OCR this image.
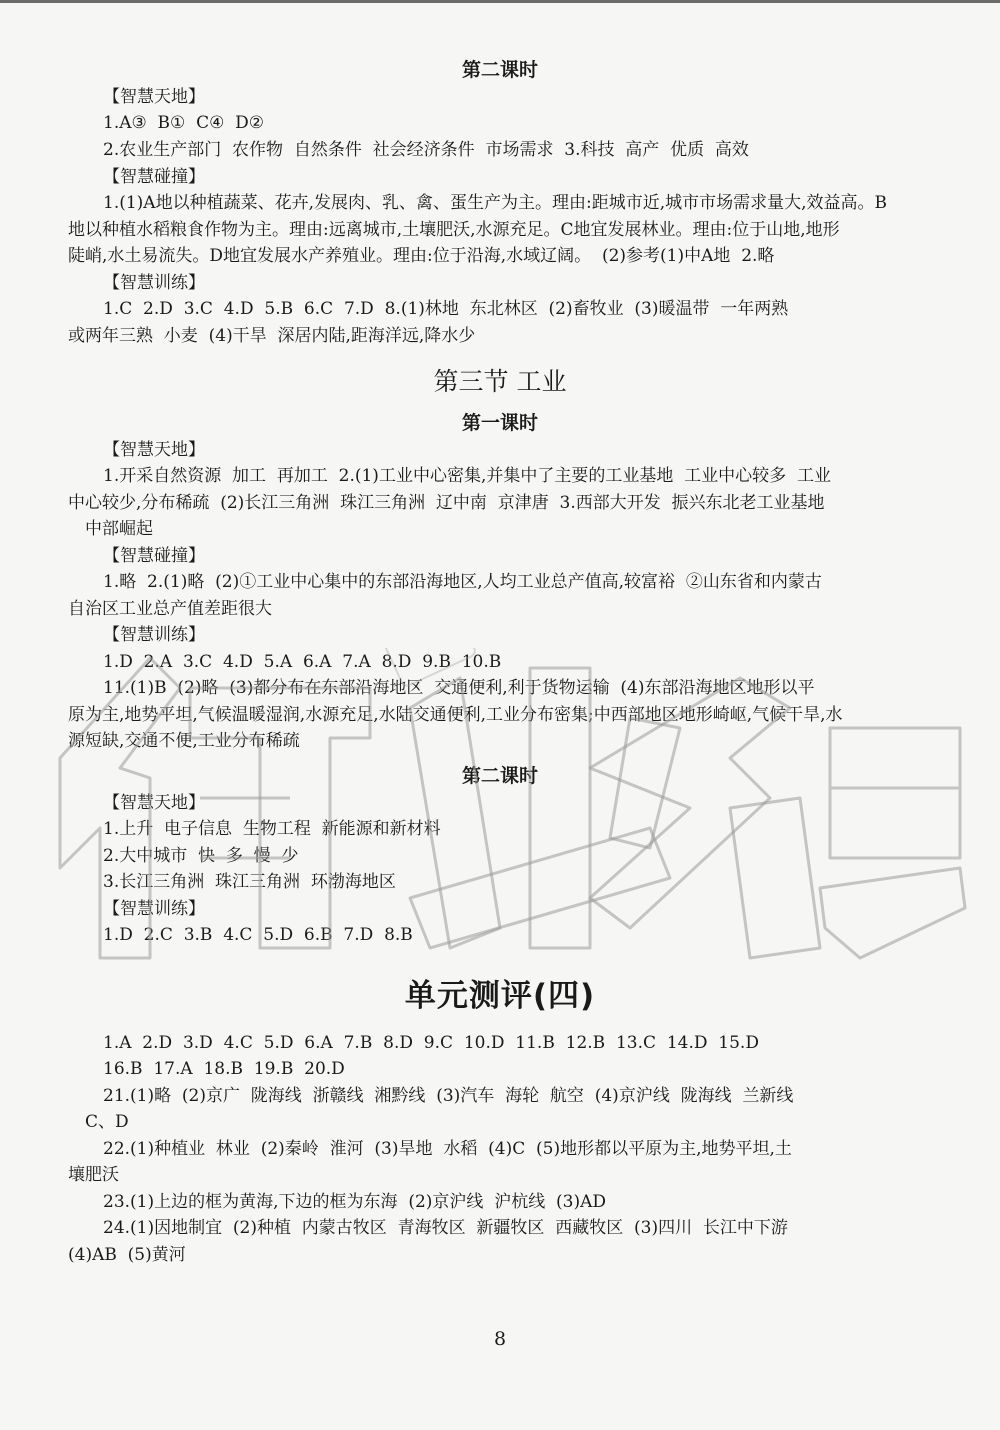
第二课时
【智慧天地】
1.A③  B①  C④  D②
2.农业生产部门  农作物  自然条件  社会经济条件  市场需求  3.科技  高产  优质  高效
【智慧碰撞】
1.(1)A地以种植蔬菜、花卉,发展肉、乳、禽、蛋生产为主。理由:距城市近,城市市场需求量大,效益高。B
地以种植水稻粮食作物为主。理由:远离城市,土壤肥沃,水源充足。C地宜发展林业。理由:位于山地,地形
陡峭,水土易流失。D地宜发展水产养殖业。理由:位于沿海,水域辽阔。  (2)参考(1)中A地  2.略
【智慧训练】
1.C  2.D  3.C  4.D  5.B  6.C  7.D  8.(1)林地  东北林区  (2)畜牧业  (3)暖温带  一年两熟
或两年三熟  小麦  (4)干旱  深居内陆,距海洋远,降水少
第三节 工业
第一课时
【智慧天地】
1.开采自然资源  加工  再加工  2.(1)工业中心密集,并集中了主要的工业基地  工业中心较多  工业
中心较少,分布稀疏  (2)长江三角洲  珠江三角洲  辽中南  京津唐  3.西部大开发  振兴东北老工业基地
中部崛起
【智慧碰撞】
1.略  2.(1)略  (2)①工业中心集中的东部沿海地区,人均工业总产值高,较富裕  ②山东省和内蒙古
自治区工业总产值差距很大
【智慧训练】
1.D  2.A  3.C  4.D  5.A  6.A  7.A  8.D  9.B  10.B
11.(1)B  (2)略  (3)都分布在东部沿海地区  交通便利,利于货物运输  (4)东部沿海地区地形以平
原为主,地势平坦,气候温暖湿润,水源充足,水陆交通便利,工业分布密集;中西部地区地形崎岖,气候干旱,水
源短缺,交通不便,工业分布稀疏
第二课时
【智慧天地】
1.上升  电子信息  生物工程  新能源和新材料
2.大中城市  快  多  慢  少
3.长江三角洲  珠江三角洲  环渤海地区
【智慧训练】
1.D  2.C  3.B  4.C  5.D  6.B  7.D  8.B
单元测评(四)
1.A  2.D  3.D  4.C  5.D  6.A  7.B  8.D  9.C  10.D  11.B  12.B  13.C  14.D  15.D
16.B  17.A  18.B  19.B  20.D
21.(1)略  (2)京广  陇海线  浙赣线  湘黔线  (3)汽车  海轮  航空  (4)京沪线  陇海线  兰新线
C、D
22.(1)种植业  林业  (2)秦岭  淮河  (3)旱地  水稻  (4)C  (5)地形都以平原为主,地势平坦,土
壤肥沃
23.(1)上边的框为黄海,下边的框为东海  (2)京沪线  沪杭线  (3)AD
24.(1)因地制宜  (2)种植  内蒙古牧区  青海牧区  新疆牧区  西藏牧区  (3)四川  长江中下游
(4)AB  (5)黄河
8
